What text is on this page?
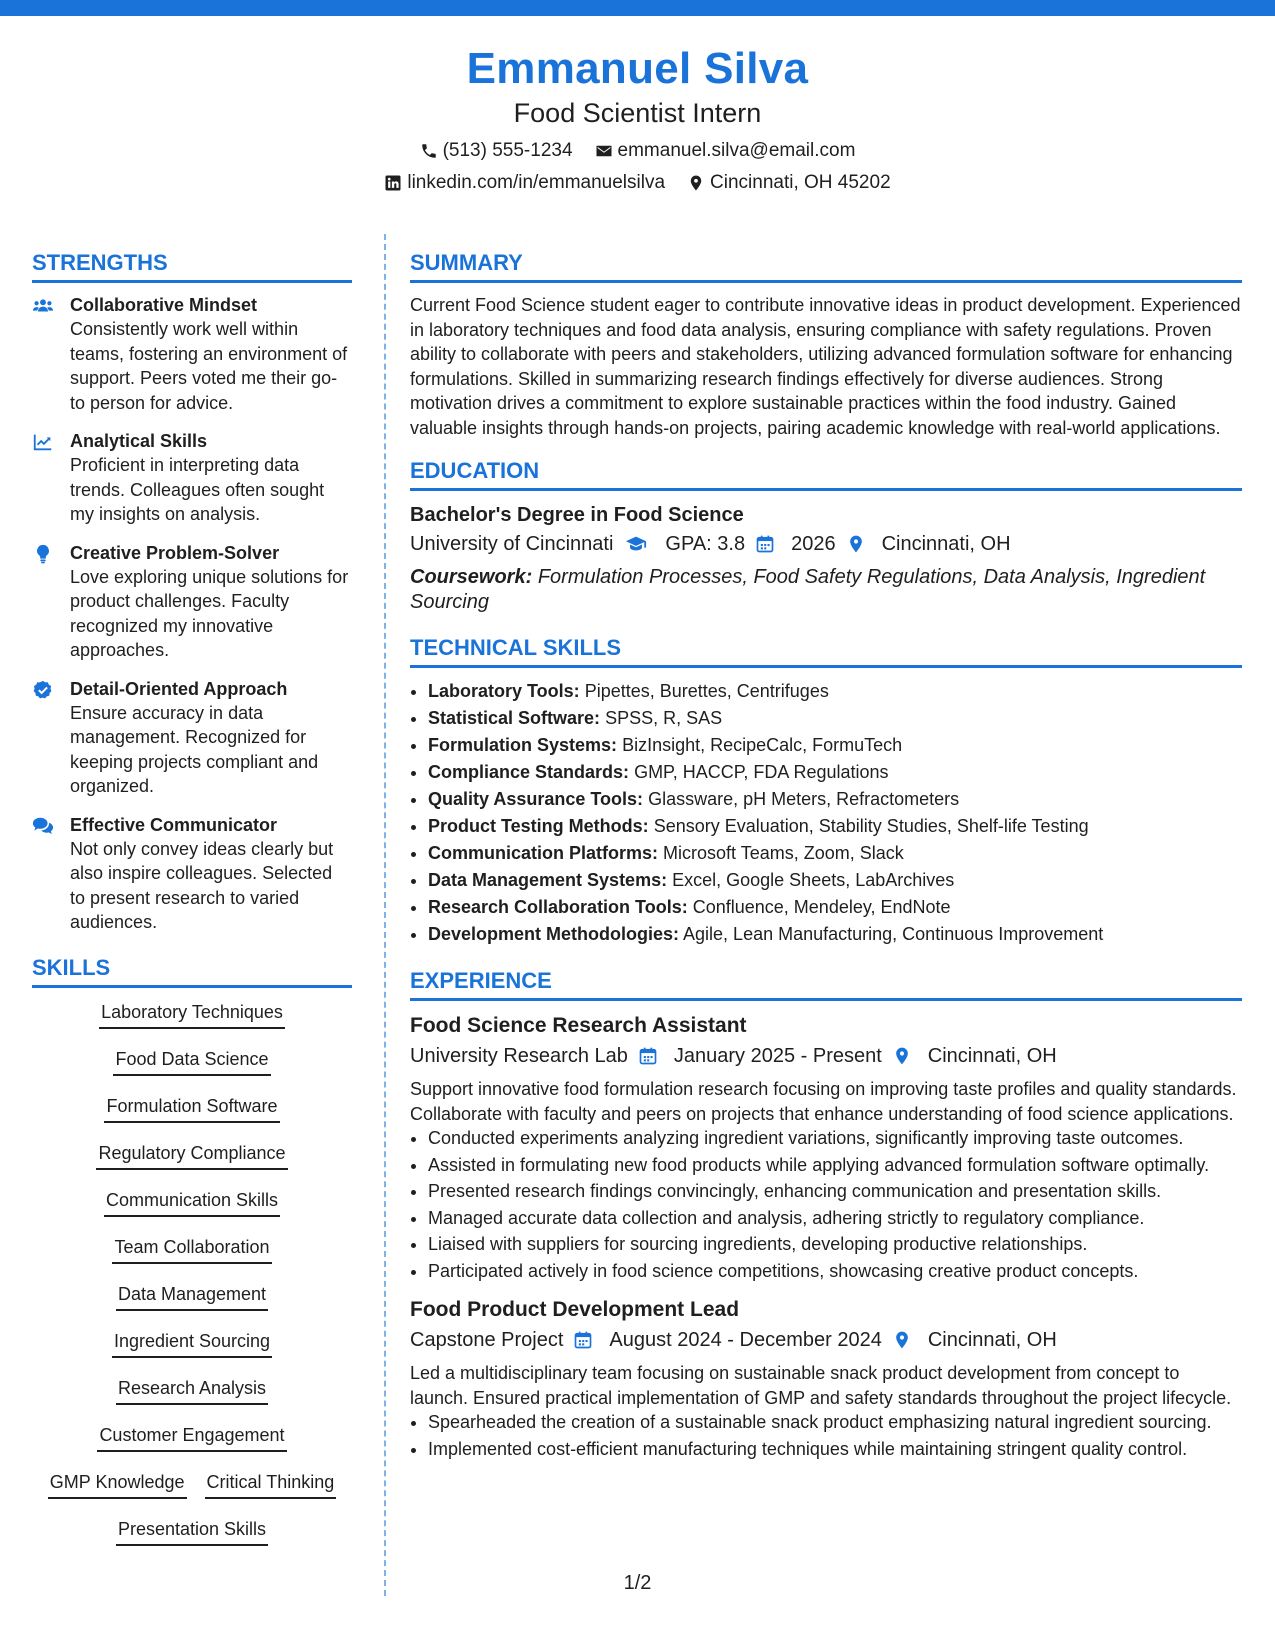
Emmanuel Silva
Food Scientist Intern
(513) 555-1234 emmanuel.silva@email.com
linkedin.com/in/emmanuelsilva Cincinnati, OH 45202
STRENGTHS
Collaborative Mindset
Consistently work well within teams, fostering an environment of support. Peers voted me their go-to person for advice.
Analytical Skills
Proficient in interpreting data trends. Colleagues often sought my insights on analysis.
Creative Problem-Solver
Love exploring unique solutions for product challenges. Faculty recognized my innovative approaches.
Detail-Oriented Approach
Ensure accuracy in data management. Recognized for keeping projects compliant and organized.
Effective Communicator
Not only convey ideas clearly but also inspire colleagues. Selected to present research to varied audiences.
SKILLS
Laboratory Techniques
Food Data Science
Formulation Software
Regulatory Compliance
Communication Skills
Team Collaboration
Data Management
Ingredient Sourcing
Research Analysis
Customer Engagement
GMP Knowledge Critical Thinking
Presentation Skills
SUMMARY
Current Food Science student eager to contribute innovative ideas in product development. Experienced in laboratory techniques and food data analysis, ensuring compliance with safety regulations. Proven ability to collaborate with peers and stakeholders, utilizing advanced formulation software for enhancing formulations. Skilled in summarizing research findings effectively for diverse audiences. Strong motivation drives a commitment to explore sustainable practices within the food industry. Gained valuable insights through hands-on projects, pairing academic knowledge with real-world applications.
EDUCATION
Bachelor's Degree in Food Science
University of Cincinnati	GPA: 3.8 2026 Cincinnati, OH
Coursework: Formulation Processes, Food Safety Regulations, Data Analysis, Ingredient Sourcing
TECHNICAL SKILLS
• Laboratory Tools: Pipettes, Burettes, Centrifuges
• Statistical Software: SPSS, R, SAS
• Formulation Systems: BizInsight, RecipeCalc, FormuTech
• Compliance Standards: GMP, HACCP, FDA Regulations
• Quality Assurance Tools: Glassware, pH Meters, Refractometers
• Product Testing Methods: Sensory Evaluation, Stability Studies, Shelf-life Testing
• Communication Platforms: Microsoft Teams, Zoom, Slack
• Data Management Systems: Excel, Google Sheets, LabArchives
• Research Collaboration Tools: Confluence, Mendeley, EndNote
• Development Methodologies: Agile, Lean Manufacturing, Continuous Improvement
EXPERIENCE
Food Science Research Assistant
University Research Lab January 2025 - Present Cincinnati, OH
Support innovative food formulation research focusing on improving taste profiles and quality standards. Collaborate with faculty and peers on projects that enhance understanding of food science applications.
• Conducted experiments analyzing ingredient variations, significantly improving taste outcomes.
• Assisted in formulating new food products while applying advanced formulation software optimally.
• Presented research findings convincingly, enhancing communication and presentation skills.
• Managed accurate data collection and analysis, adhering strictly to regulatory compliance.
• Liaised with suppliers for sourcing ingredients, developing productive relationships.
• Participated actively in food science competitions, showcasing creative product concepts.
Food Product Development Lead
Capstone Project August 2024 - December 2024 Cincinnati, OH
Led a multidisciplinary team focusing on sustainable snack product development from concept to launch. Ensured practical implementation of GMP and safety standards throughout the project lifecycle.
• Spearheaded the creation of a sustainable snack product emphasizing natural ingredient sourcing.
• Implemented cost-efficient manufacturing techniques while maintaining stringent quality control.
1/2
